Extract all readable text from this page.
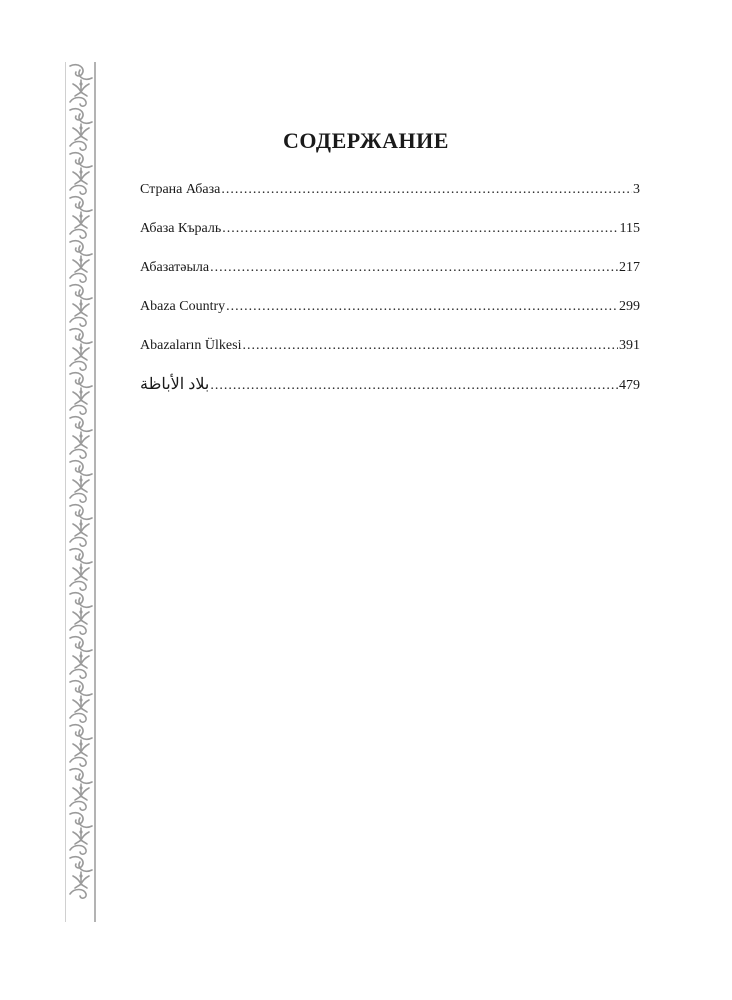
СОДЕРЖАНИЕ
Страна Абаза .....	3
Абаза Къраль .....	115
Абазатәыла .....	217
Abaza Country .....	299
Abazaların Ülkesi .....	391
بلاد الأباظة .....	479
